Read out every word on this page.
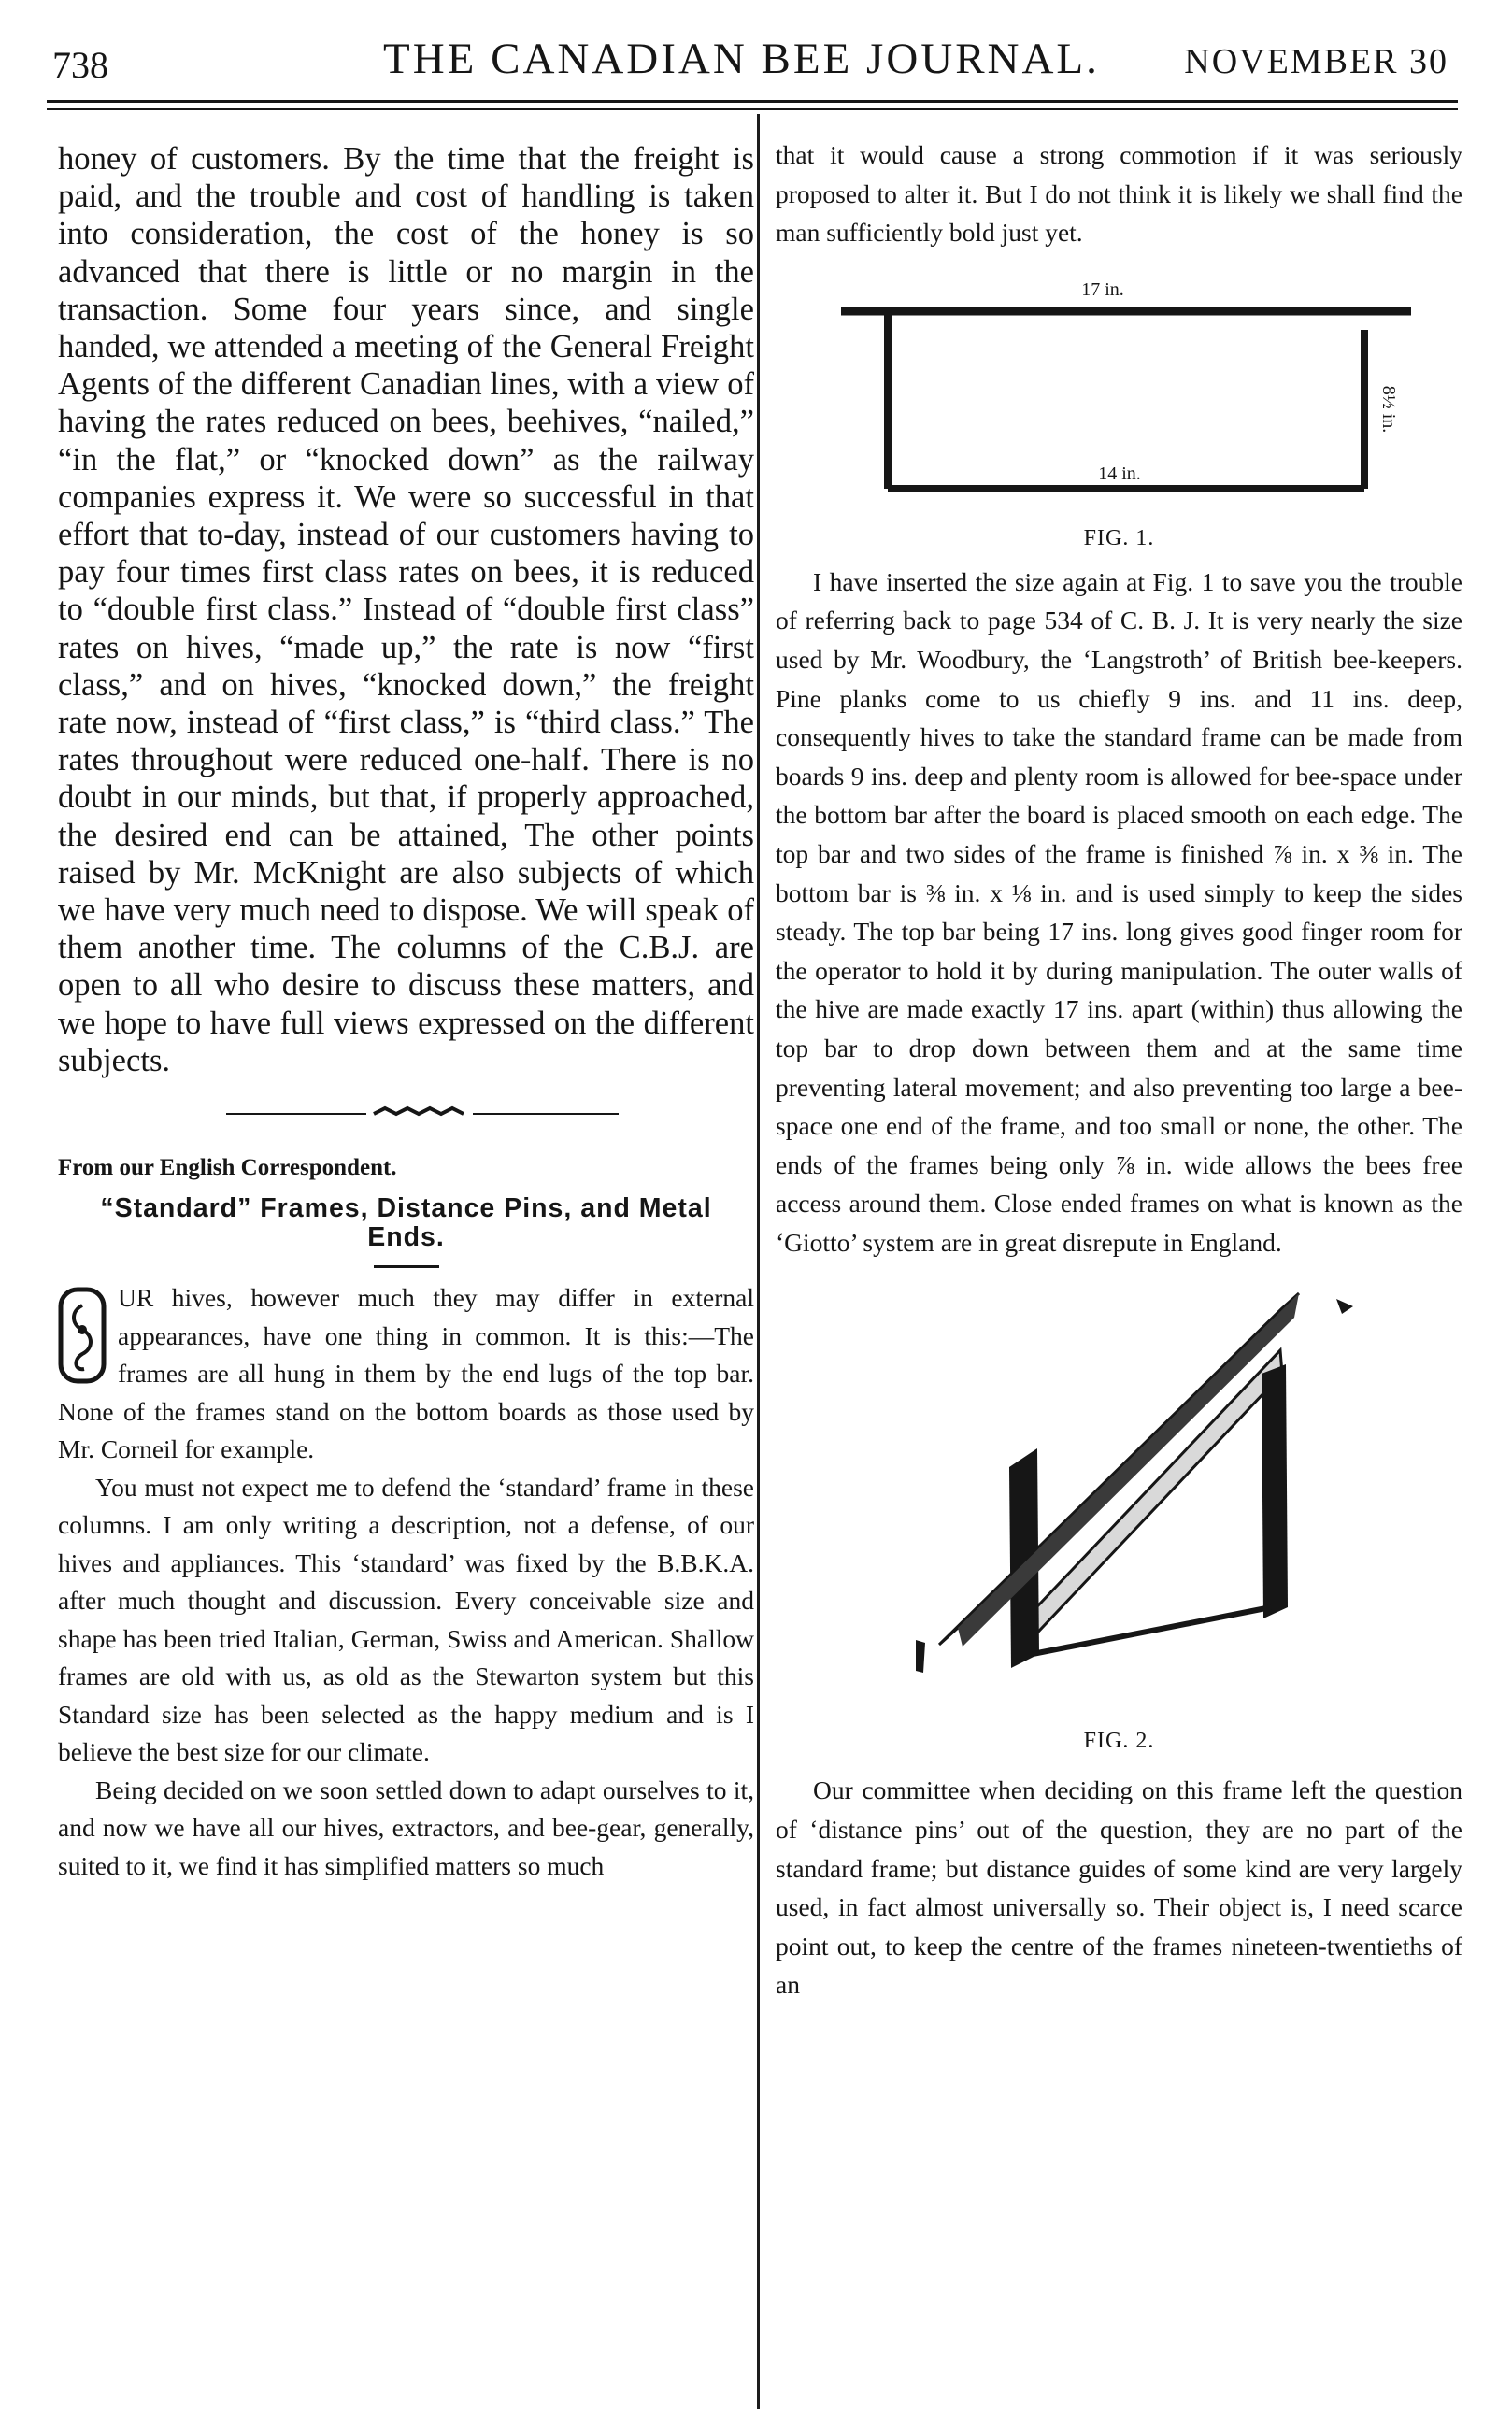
738	THE CANADIAN BEE JOURNAL. NOVEMBER 30

honey of customers. By the time that the freight is paid, and the trouble and cost of handling is taken into consideration, the cost of the honey is so advanced that there is little or no margin in the transaction. Some four years since, and single handed, we attended a meeting of the General Freight Agents of the different Canadian lines, with a view of having the rates reduced on bees, beehives, “nailed,” “in the flat,” or “knocked down” as the railway companies express it. We were so successful in that effort that to-day, instead of our customers having to pay four times first class rates on bees, it is reduced to “double first class.” Instead of “double first class” rates on hives, “made up,” the rate is now “first class,” and on hives, “knocked down,” the freight rate now, instead of “first class,” is “third class.” The rates throughout were reduced one-half. There is no doubt in our minds, but that, if properly approached, the desired end can be attained, The other points raised by Mr. McKnight are also subjects of which we have very much need to dispose. We will speak of them another time. The columns of the C.B.J. are open to all who desire to discuss these matters, and we hope to have full views expressed on the different subjects.

From our English Correspondent.

“Standard” Frames, Distance Pins, and Metal Ends.

UR hives, however much they may differ in external appearances, have one thing in common. It is this:—The frames are all hung in them by the end lugs of the top bar. None of the frames stand on the bottom boards as those used by Mr. Corneil for example.

You must not expect me to defend the ‘standard’ frame in these columns. I am only writing a description, not a defense, of our hives and appliances. This ‘standard’ was fixed by the B.B.K.A. after much thought and discussion. Every conceivable size and shape has been tried Italian, German, Swiss and American. Shallow frames are old with us, as old as the Stewarton system but this Standard size has been selected as the happy medium and is I believe the best size for our climate.

Being decided on we soon settled down to adapt ourselves to it, and now we have all our hives, extractors, and bee-gear, generally, suited to it, we find it has simplified matters so much

that it would cause a strong commotion if it was seriously proposed to alter it. But I do not think it is likely we shall find the man sufficiently bold just yet.

17 in.
14 in.
8½ in.

FIG. 1.

I have inserted the size again at Fig. 1 to save you the trouble of referring back to page 534 of C. B. J. It is very nearly the size used by Mr. Woodbury, the ‘Langstroth’ of British bee-keepers. Pine planks come to us chiefly 9 ins. and 11 ins. deep, consequently hives to take the standard frame can be made from boards 9 ins. deep and plenty room is allowed for bee-space under the bottom bar after the board is placed smooth on each edge. The top bar and two sides of the frame is finished ⅞ in. x ⅜ in. The bottom bar is ⅜ in. x ⅛ in. and is used simply to keep the sides steady. The top bar being 17 ins. long gives good finger room for the operator to hold it by during manipulation. The outer walls of the hive are made exactly 17 ins. apart (within) thus allowing the top bar to drop down between them and at the same time preventing lateral movement; and also preventing too large a bee-space one end of the frame, and too small or none, the other. The ends of the frames being only ⅞ in. wide allows the bees free access around them. Close ended frames on what is known as the ‘Giotto’ system are in great disrepute in England.

FIG. 2.

Our committee when deciding on this frame left the question of ‘distance pins’ out of the question, they are no part of the standard frame; but distance guides of some kind are very largely used, in fact almost universally so. Their object is, I need scarce point out, to keep the centre of the frames nineteen-twentieths of an
